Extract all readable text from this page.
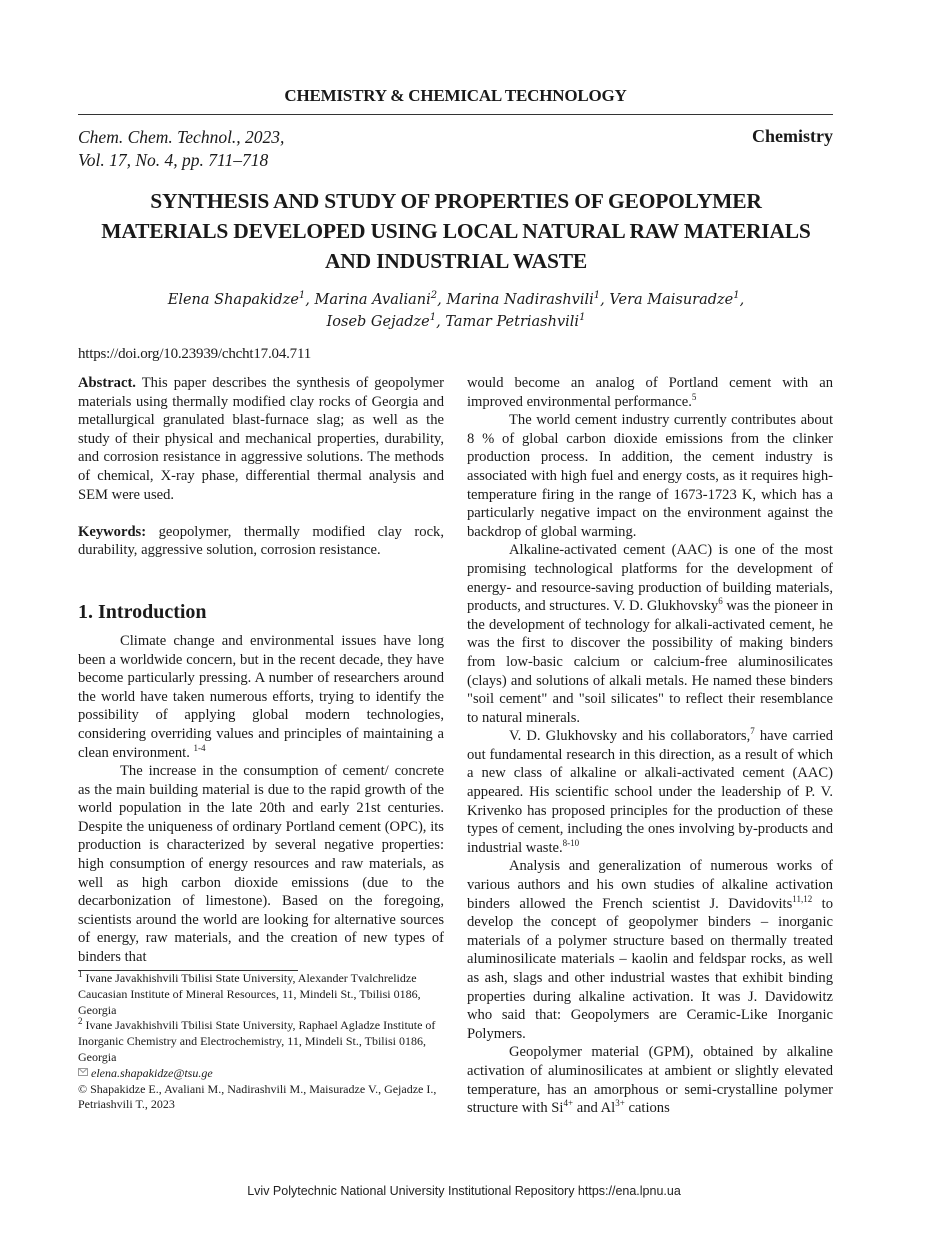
CHEMISTRY & CHEMICAL TECHNOLOGY
Chem. Chem. Technol., 2023,
Vol. 17, No. 4, pp. 711–718
Chemistry
SYNTHESIS AND STUDY OF PROPERTIES OF GEOPOLYMER
MATERIALS DEVELOPED USING LOCAL NATURAL RAW MATERIALS
AND INDUSTRIAL WASTE
Elena Shapakidze$^1$, Marina Avaliani$^2$, Marina Nadirashvili$^1$, Vera Maisuradze$^1$,
Ioseb Gejadze$^1$, Tamar Petriashvili$^1$
https://doi.org/10.23939/chcht17.04.711

Abstract. This paper describes the synthesis of geopolymer materials using thermally modified clay rocks of Georgia and metallurgical granulated blast-furnace slag; as well as the study of their physical and mechanical properties, durability, and corrosion resistance in aggressive solutions. The methods of chemical, X-ray phase, differential thermal analysis and SEM were used.

Keywords: geopolymer, thermally modified clay rock, durability, aggressive solution, corrosion resistance.

1. Introduction

Climate change and environmental issues have long been a worldwide concern, but in the recent decade, they have become particularly pressing. A number of researchers around the world have taken numerous efforts, trying to identify the possibility of applying global modern technologies, considering overriding values and principles of maintaining a clean environment. $^{1-4}$

The increase in the consumption of cement/ concrete as the main building material is due to the rapid growth of the world population in the late 20th and early 21st centuries. Despite the uniqueness of ordinary Portland cement (OPC), its production is characterized by several negative properties: high consumption of energy resources and raw materials, as well as high carbon dioxide emissions (due to the decarbonization of limestone). Based on the foregoing, scientists around the world are looking for alternative sources of energy, raw materials, and the creation of new types of binders that

would become an analog of Portland cement with an improved environmental performance.$^5$

The world cement industry currently contributes about 8 % of global carbon dioxide emissions from the clinker production process. In addition, the cement industry is associated with high fuel and energy costs, as it requires high-temperature firing in the range of 1673-1723 K, which has a particularly negative impact on the environment against the backdrop of global warming.

Alkaline-activated cement (AAC) is one of the most promising technological platforms for the development of energy- and resource-saving production of building materials, products, and structures. V. D. Glukhovsky$^6$ was the pioneer in the development of technology for alkali-activated cement, he was the first to discover the possibility of making binders from low-basic calcium or calcium-free aluminosilicates (clays) and solutions of alkali metals. He named these binders "soil cement" and "soil silicates" to reflect their resemblance to natural minerals.

V. D. Glukhovsky and his collaborators,$^7$ have carried out fundamental research in this direction, as a result of which a new class of alkaline or alkali-activated cement (AAC) appeared. His scientific school under the leadership of P. V. Krivenko has proposed principles for the production of these types of cement, including the ones involving by-products and industrial waste.$^{8-10}$

Analysis and generalization of numerous works of various authors and his own studies of alkaline activation binders allowed the French scientist J. Davidovits$^{11,12}$ to develop the concept of geopolymer binders – inorganic materials of a polymer structure based on thermally treated aluminosilicate materials – kaolin and feldspar rocks, as well as ash, slags and other industrial wastes that exhibit binding properties during alkaline activation. It was J. Davidowitz who said that: Geopolymers are Ceramic-Like Inorganic Polymers.

Geopolymer material (GPM), obtained by alkaline activation of aluminosilicates at ambient or slightly elevated temperature, has an amorphous or semi-crystalline polymer structure with $Si^{4+}$ and $Al^{3+}$ cations

$^1$ Ivane Javakhishvili Tbilisi State University, Alexander Tvalchrelidze Caucasian Institute of Mineral Resources, 11, Mindeli St., Tbilisi 0186, Georgia

$^2$ Ivane Javakhishvili Tbilisi State University, Raphael Agladze Institute of Inorganic Chemistry and Electrochemistry, 11, Mindeli St., Tbilisi 0186, Georgia

elena.shapakidze@tsu.ge

© Shapakidze E., Avaliani M., Nadirashvili M., Maisuradze V., Gejadze I., Petriashvili T., 2023

Lviv Polytechnic National University Institutional Repository https://ena.lpnu.ua
